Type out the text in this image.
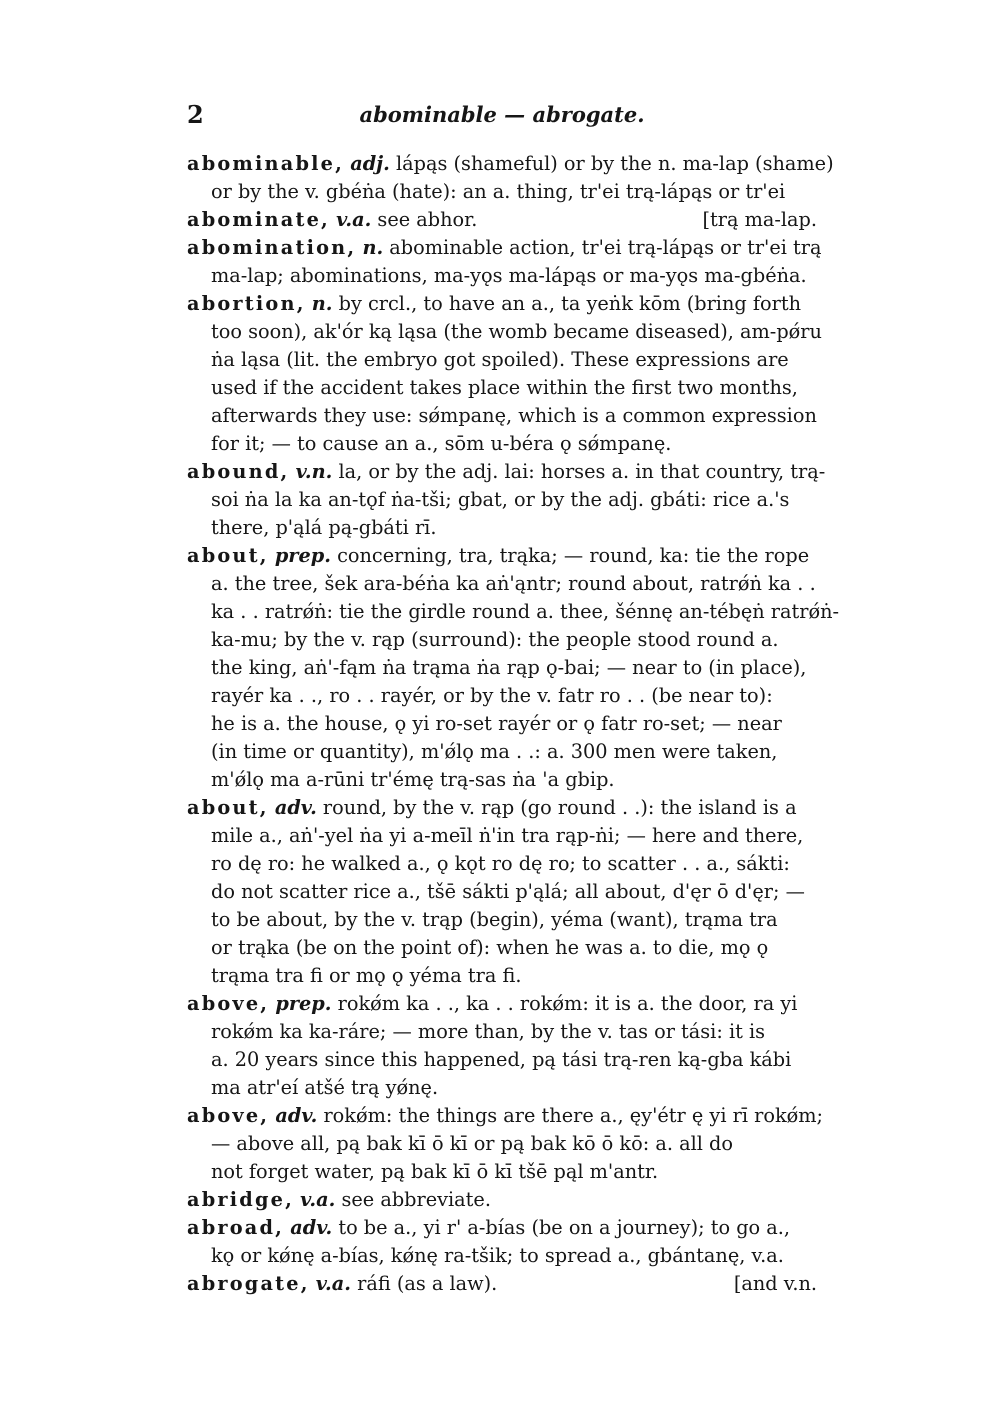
2	abominable — abrogate.
abominable, adj. lápąs (shameful) or by the n. ma-lap (shame)
or by the v. gbéṅa (hate): an a. thing, tr'ei trą-lápąs or tr'ei
[trą ma-lap.
abominate, v.a. see abhor.
abomination, n. abominable action, tr'ei trą-lápąs or tr'ei trą
ma-lap; abominations, ma-yǫs ma-lápąs or ma-yǫs ma-gbéṅa.
abortion, n. by crcl., to have an a., ta yeṅk kōm (bring forth
too soon), ak'ór ką ląsa (the womb became diseased), am-pǿru
ṅa ląsa (lit. the embryo got spoiled). These expressions are
used if the accident takes place within the first two months,
afterwards they use: sǿmpanę, which is a common expression
for it; — to cause an a., sōm u-béra ǫ sǿmpanę.
abound, v.n. la, or by the adj. lai: horses a. in that country, trą-
soi ṅa la ka an-tǫf ṅa-tši; gbat, or by the adj. gbáti: rice a.'s
there, p'ąlá pą-gbáti rī.
about, prep. concerning, tra, trąka; — round, ka: tie the rope
a. the tree, šek ara-béṅa ka aṅ'ąntr; round about, ratrǿṅ ka . .
ka . . ratrǿṅ: tie the girdle round a. thee, šénnę an-tébęṅ ratrǿṅ-
ka-mu; by the v. rąp (surround): the people stood round a.
the king, aṅ'-fąm ṅa trąma ṅa rąp ǫ-bai; — near to (in place),
rayér ka . ., ro . . rayér, or by the v. fatr ro . . (be near to):
he is a. the house, ǫ yi ro-set rayér or ǫ fatr ro-set; — near
(in time or quantity), m'ǿlǫ ma . .: a. 300 men were taken,
m'ǿlǫ ma a-rūni tr'émę trą-sas ṅa 'a gbip.
about, adv. round, by the v. rąp (go round . .): the island is a
mile a., aṅ'-yel ṅa yi a-meīl ṅ'in tra rąp-ṅi; — here and there,
ro dę ro: he walked a., ǫ kǫt ro dę ro; to scatter . . a., sákti:
do not scatter rice a., tšē sákti p'ąlá; all about, d'ęr ō d'ęr; —
to be about, by the v. trąp (begin), yéma (want), trąma tra
or trąka (be on the point of): when he was a. to die, mǫ ǫ
trąma tra fi or mǫ ǫ yéma tra fi.
above, prep. rokǿm ka . ., ka . . rokǿm: it is a. the door, ra yi
rokǿm ka ka-ráre; — more than, by the v. tas or tási: it is
a. 20 years since this happened, pą tási trą-ren ką-gba kábi
ma atr'eí atšé trą yǿnę.
above, adv. rokǿm: the things are there a., ęy'étr ę yi rī rokǿm;
— above all, pą bak kī ō kī or pą bak kō ō kō: a. all do
not forget water, pą bak kī ō kī tšē pąl m'antr.
abridge, v.a. see abbreviate.
abroad, adv. to be a., yi r' a-bías (be on a journey); to go a.,
kǫ or kǿnę a-bías, kǿnę ra-tšik; to spread a., gbántanę, v.a.
[and v.n.
abrogate, v.a. ráfi (as a law).
